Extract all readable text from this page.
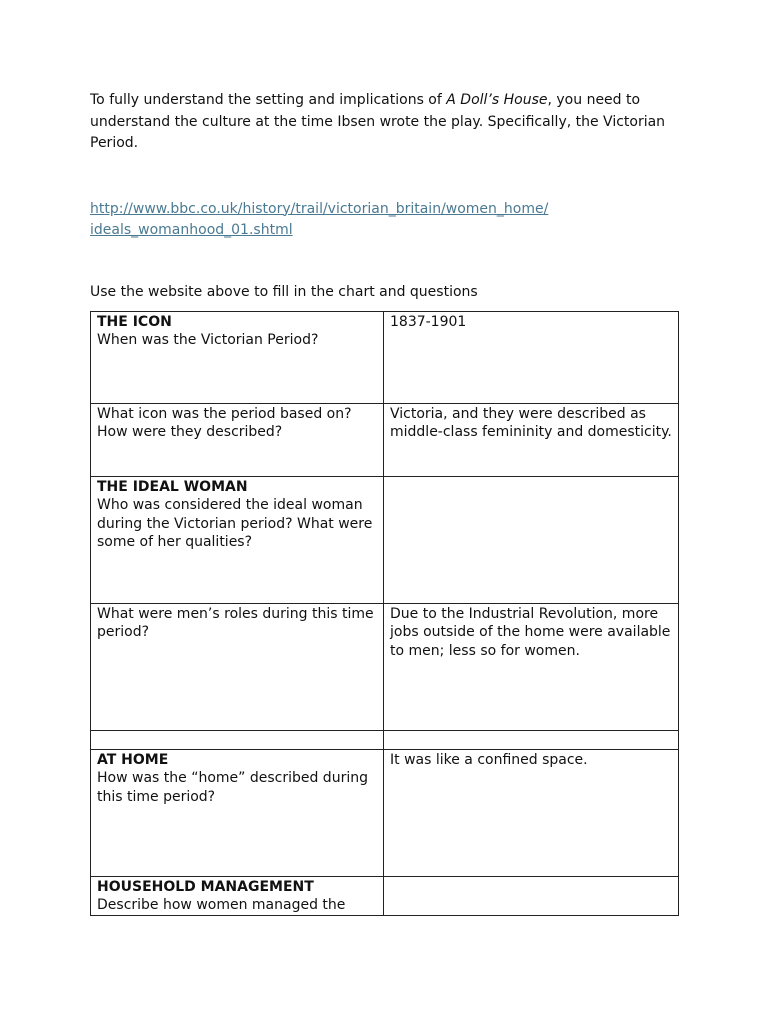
To fully understand the setting and implications of A Doll’s House, you need to understand the culture at the time Ibsen wrote the play. Specifically, the Victorian Period.

http://www.bbc.co.uk/history/trail/victorian_britain/women_home/
ideals_womanhood_01.shtml
Use the website above to fill in the chart and questions
THE ICON
When was the Victorian Period?	1837-1901

What icon was the period based on?
How were they described?	Victoria, and they were described as middle-class femininity and domesticity.

THE IDEAL WOMAN
Who was considered the ideal woman during the Victorian period? What were some of her qualities?	

What were men’s roles during this time period?	Due to the Industrial Revolution, more jobs outside of the home were available to men; less so for women.

AT HOME
How was the “home” described during this time period?	It was like a confined space.

HOUSEHOLD MANAGEMENT
Describe how women managed the	
